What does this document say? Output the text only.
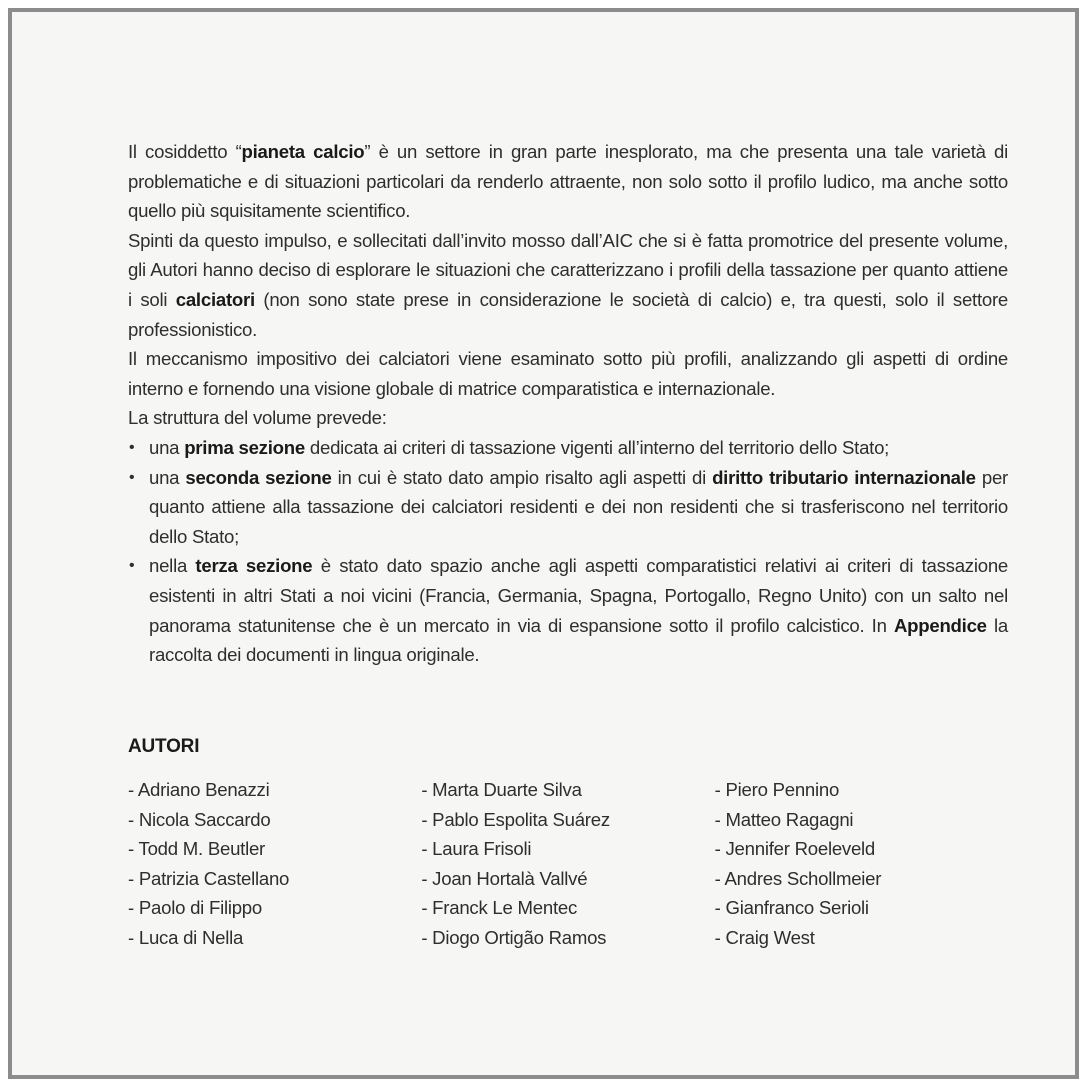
Il cosiddetto “pianeta calcio” è un settore in gran parte inesplorato, ma che presenta una tale varietà di problematiche e di situazioni particolari da renderlo attraente, non solo sotto il profilo ludico, ma anche sotto quello più squisitamente scientifico.

Spinti da questo impulso, e sollecitati dall’invito mosso dall’AIC che si è fatta promotrice del presente volume, gli Autori hanno deciso di esplorare le situazioni che caratterizzano i profili della tassazione per quanto attiene i soli calciatori (non sono state prese in considerazione le società di calcio) e, tra questi, solo il settore professionistico.

Il meccanismo impositivo dei calciatori viene esaminato sotto più profili, analizzando gli aspetti di ordine interno e fornendo una visione globale di matrice comparatistica e internazionale.

La struttura del volume prevede:

• una prima sezione dedicata ai criteri di tassazione vigenti all’interno del territorio dello Stato;
• una seconda sezione in cui è stato dato ampio risalto agli aspetti di diritto tributario internazionale per quanto attiene alla tassazione dei calciatori residenti e dei non residenti che si trasferiscono nel territorio dello Stato;
• nella terza sezione è stato dato spazio anche agli aspetti comparatistici relativi ai criteri di tassazione esistenti in altri Stati a noi vicini (Francia, Germania, Spagna, Portogallo, Regno Unito) con un salto nel panorama statunitense che è un mercato in via di espansione sotto il profilo calcistico. In Appendice la raccolta dei documenti in lingua originale.
AUTORI
- Adriano Benazzi
- Nicola Saccardo
- Todd M. Beutler
- Patrizia Castellano
- Paolo di Filippo
- Luca di Nella
- Marta Duarte Silva
- Pablo Espolita Suárez
- Laura Frisoli
- Joan Hortalà Vallvé
- Franck Le Mentec
- Diogo Ortigão Ramos
- Piero Pennino
- Matteo Ragagni
- Jennifer Roeleveld
- Andres Schollmeier
- Gianfranco Serioli
- Craig West
